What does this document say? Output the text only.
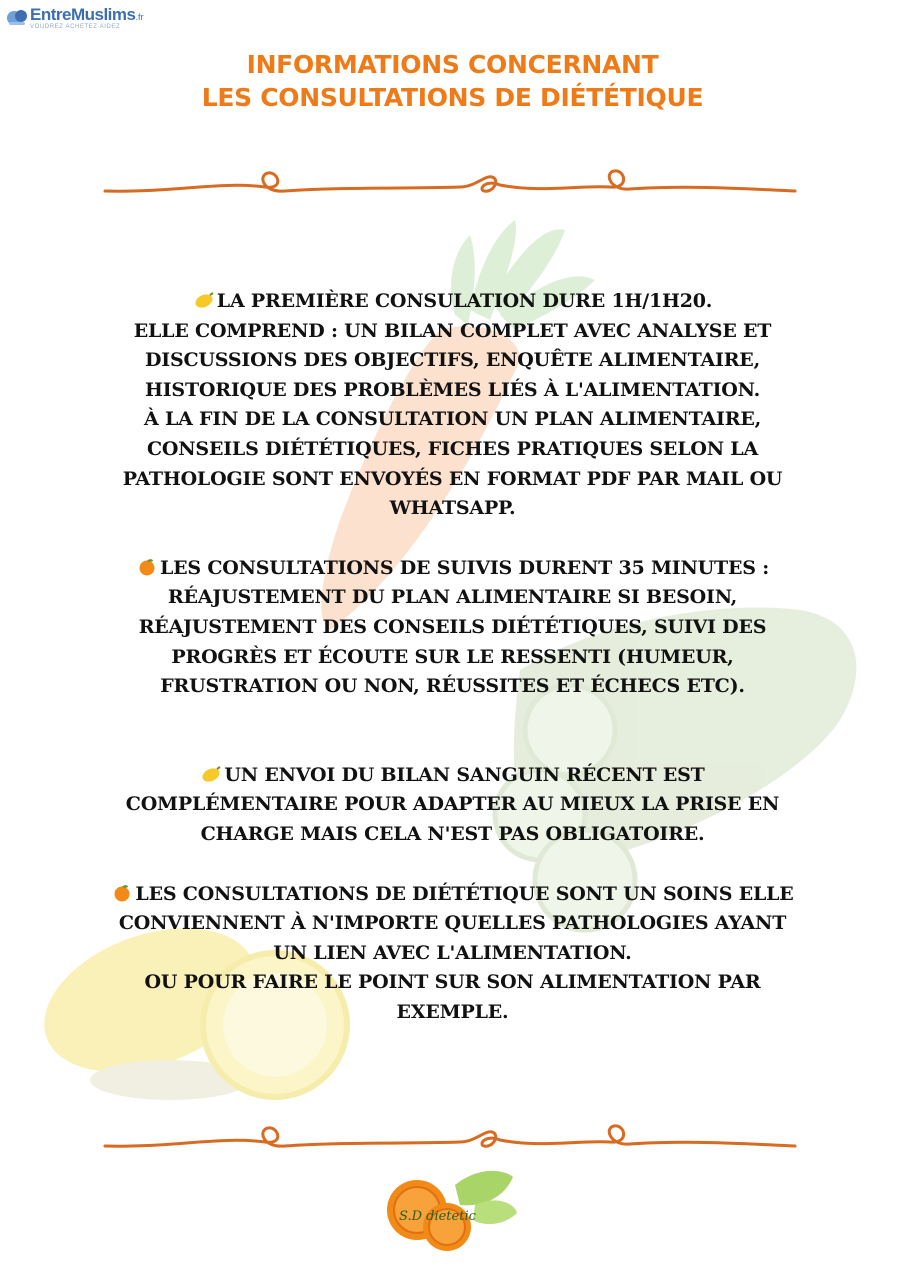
EntreMuslims.fr
VOUDREZ ACHETEZ AIDEZ
INFORMATIONS CONCERNANT
LES CONSULTATIONS DE DIÉTÉTIQUE

LA PREMIÈRE CONSULATION DURE 1H/1H20.
ELLE COMPREND : UN BILAN COMPLET AVEC ANALYSE ET
DISCUSSIONS DES OBJECTIFS, ENQUÊTE ALIMENTAIRE,
HISTORIQUE DES PROBLÈMES LIÉS À L'ALIMENTATION.
À LA FIN DE LA CONSULTATION UN PLAN ALIMENTAIRE,
CONSEILS DIÉTÉTIQUES, FICHES PRATIQUES SELON LA
PATHOLOGIE SONT ENVOYÉS EN FORMAT PDF PAR MAIL OU
WHATSAPP.

LES CONSULTATIONS DE SUIVIS DURENT 35 MINUTES :
RÉAJUSTEMENT DU PLAN ALIMENTAIRE SI BESOIN,
RÉAJUSTEMENT DES CONSEILS DIÉTÉTIQUES, SUIVI DES
PROGRÈS ET ÉCOUTE SUR LE RESSENTI (HUMEUR,
FRUSTRATION OU NON, RÉUSSITES ET ÉCHECS ETC).

UN ENVOI DU BILAN SANGUIN RÉCENT EST
COMPLÉMENTAIRE POUR ADAPTER AU MIEUX LA PRISE EN
CHARGE MAIS CELA N'EST PAS OBLIGATOIRE.

LES CONSULTATIONS DE DIÉTÉTIQUE SONT UN SOINS ELLE
CONVIENNENT À N'IMPORTE QUELLES PATHOLOGIES AYANT
UN LIEN AVEC L'ALIMENTATION.
OU POUR FAIRE LE POINT SUR SON ALIMENTATION PAR
EXEMPLE.

S.D dietetic
